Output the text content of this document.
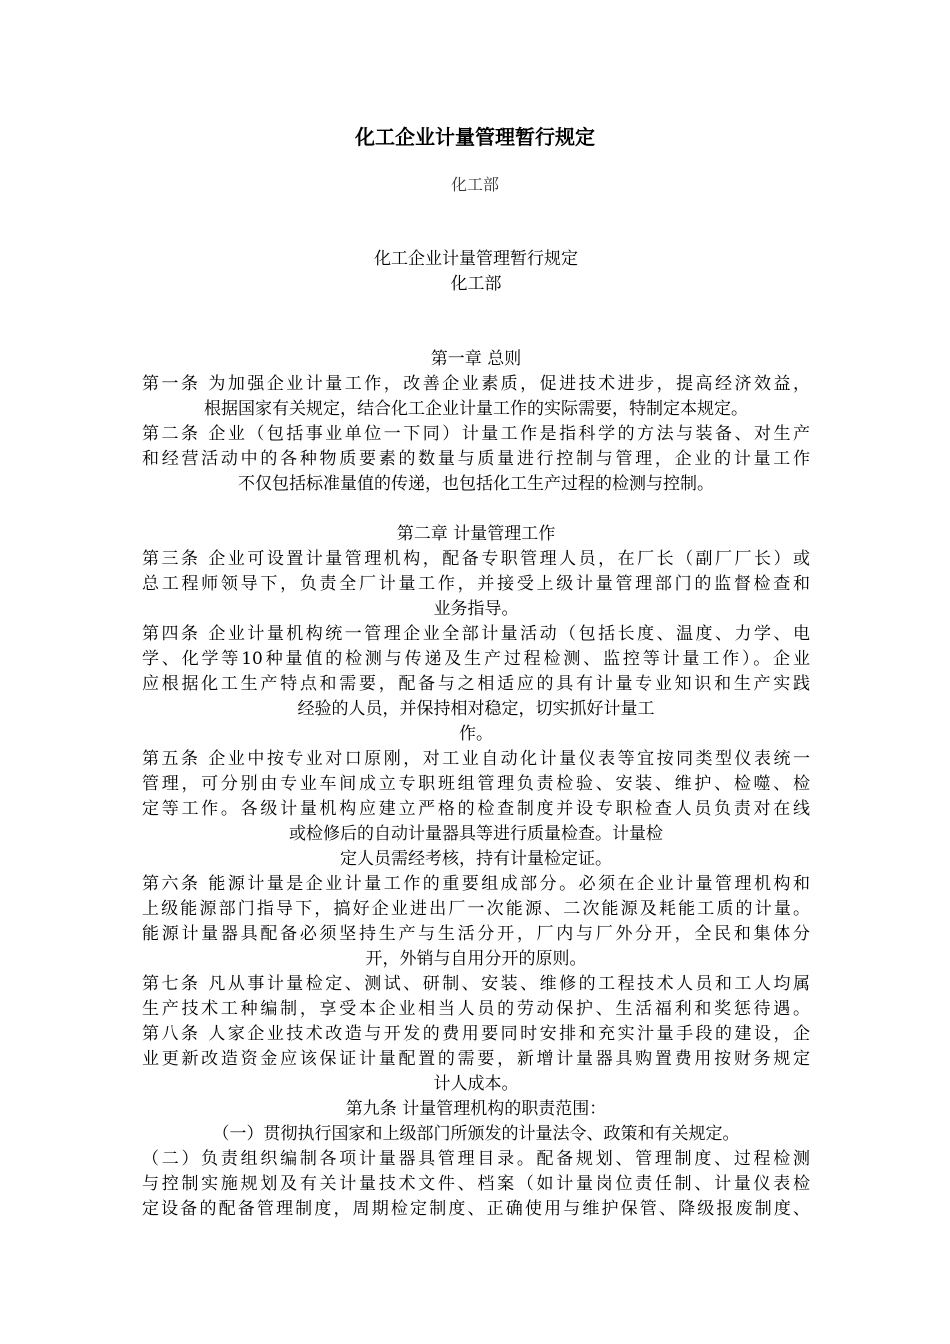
化工企业计量管理暂行规定
化工部
化工企业计量管理暂行规定
化工部
第一章 总则
第一条 为加强企业计量工作，改善企业素质，促进技术进步，提高经济效益，
根据国家有关规定，结合化工企业计量工作的实际需要，特制定本规定。
第二条 企业（包括事业单位一下同）计量工作是指科学的方法与装备、对生产
和经营活动中的各种物质要素的数量与质量进行控制与管理，企业的计量工作
不仅包括标准量值的传递，也包括化工生产过程的检测与控制。
第二章 计量管理工作
第三条 企业可设置计量管理机构，配备专职管理人员，在厂长（副厂厂长）或
总工程师领导下，负责全厂计量工作，并接受上级计量管理部门的监督检查和
业务指导。
第四条 企业计量机构统一管理企业全部计量活动（包括长度、温度、力学、电
学、化学等10种量值的检测与传递及生产过程检测、监控等计量工作）。企业
应根据化工生产特点和需要，配备与之相适应的具有计量专业知识和生产实践
经验的人员，并保持相对稳定，切实抓好计量工
作。
第五条 企业中按专业对口原刚，对工业自动化计量仪表等宜按同类型仪表统一
管理，可分别由专业车间成立专职班组管理负责检验、安装、维护、检噬、检
定等工作。各级计量机构应建立严格的检查制度并设专职检查人员负责对在线
或检修后的自动计量器具等进行质量检查。计量检
定人员需经考核，持有计量检定证。
第六条 能源计量是企业计量工作的重要组成部分。必须在企业计量管理机构和
上级能源部门指导下，搞好企业进出厂一次能源、二次能源及耗能工质的计量。
能源计量器具配备必须坚持生产与生活分开，厂内与厂外分开，全民和集体分
开，外销与自用分开的原则。
第七条 凡从事计量检定、测试、研制、安装、维修的工程技术人员和工人均属
生产技术工种编制，享受本企业相当人员的劳动保护、生活福利和奖惩待遇。
第八条 人家企业技术改造与开发的费用要同时安排和充实汁量手段的建设，企
业更新改造资金应该保证计量配置的需要，新增计量器具购置费用按财务规定
计人成本。
第九条 计量管理机构的职责范围：
（一）贯彻执行国家和上级部门所颁发的计量法令、政策和有关规定。
（二）负责组织编制各项计量器具管理目录。配备规划、管理制度、过程检测
与控制实施规划及有关计量技术文件、档案（如计量岗位责任制、计量仪表检
定设备的配备管理制度，周期检定制度、正确使用与维护保管、降级报废制度、
